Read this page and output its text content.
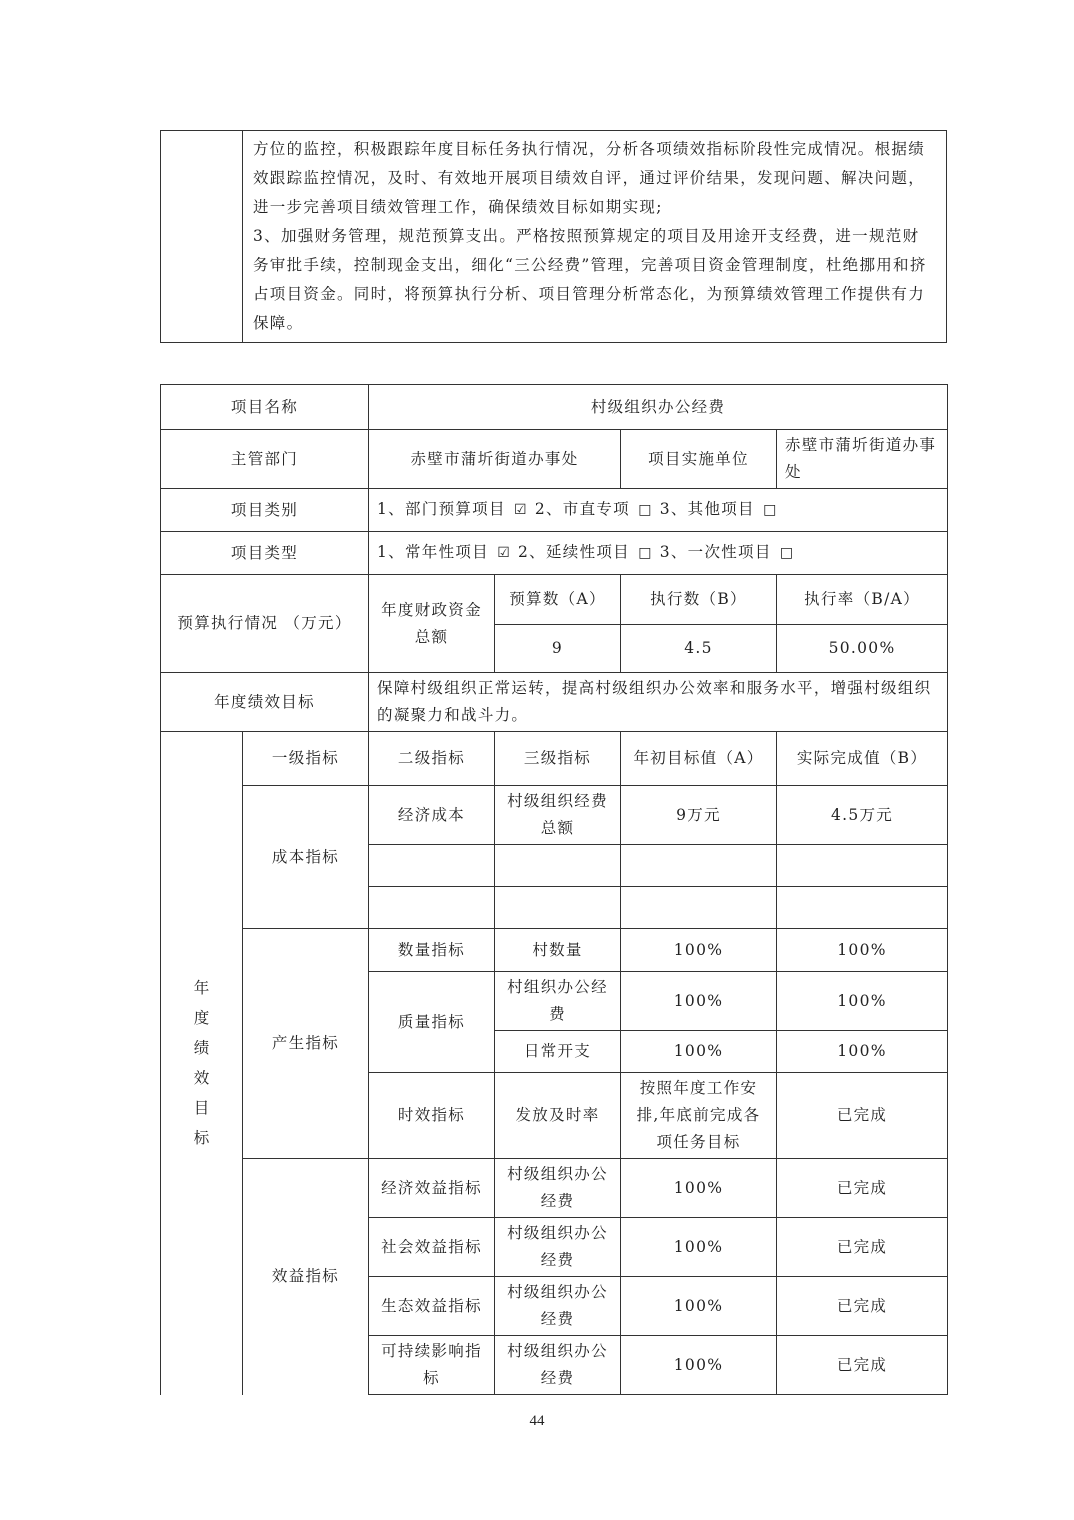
方位的监控，积极跟踪年度目标任务执行情况，分析各项绩效指标阶段性完成情况。根据绩效跟踪监控情况，及时、有效地开展项目绩效自评，通过评价结果，发现问题、解决问题，进一步完善项目绩效管理工作，确保绩效目标如期实现;

3、加强财务管理，规范预算支出。严格按照预算规定的项目及用途开支经费，进一规范财务审批手续，控制现金支出，细化“三公经费”管理，完善项目资金管理制度，杜绝挪用和挤占项目资金。同时，将预算执行分析、项目管理分析常态化，为预算绩效管理工作提供有力保障。

项目名称		村级组织办公经费			
主管部门		赤壁市蒲圻街道办事处		项目实施单位	赤壁市蒲圻街道办事处
项目类别		1、部门预算项目 ☑ 2、市直专项 □ 3、其他项目 □			
项目类型		1、常年性项目 ☑ 2、延续性项目 □ 3、一次性项目 □			
预算执行情况 （万元）		年度财政资金总额	预算数（A）	执行数（B）	执行率（B/A）
			9	4.5	50.00%
年度绩效目标		保障村级组织正常运转，提高村级组织办公效率和服务水平，增强村级组织的凝聚力和战斗力。			

年度绩效目标	一级指标	二级指标	三级指标	年初目标值（A）	实际完成值（B）
	成本指标	经济成本	村级组织经费总额	9万元	4.5万元

	产生指标	数量指标	村数量	100%	100%
		质量指标	村组织办公经费	100%	100%
			日常开支	100%	100%
		时效指标	发放及时率	按照年度工作安排,年底前完成各项任务目标	已完成
	效益指标	经济效益指标	村级组织办公经费	100%	已完成
		社会效益指标	村级组织办公经费	100%	已完成
		生态效益指标	村级组织办公经费	100%	已完成
		可持续影响指标	村级组织办公经费	100%	已完成
44
